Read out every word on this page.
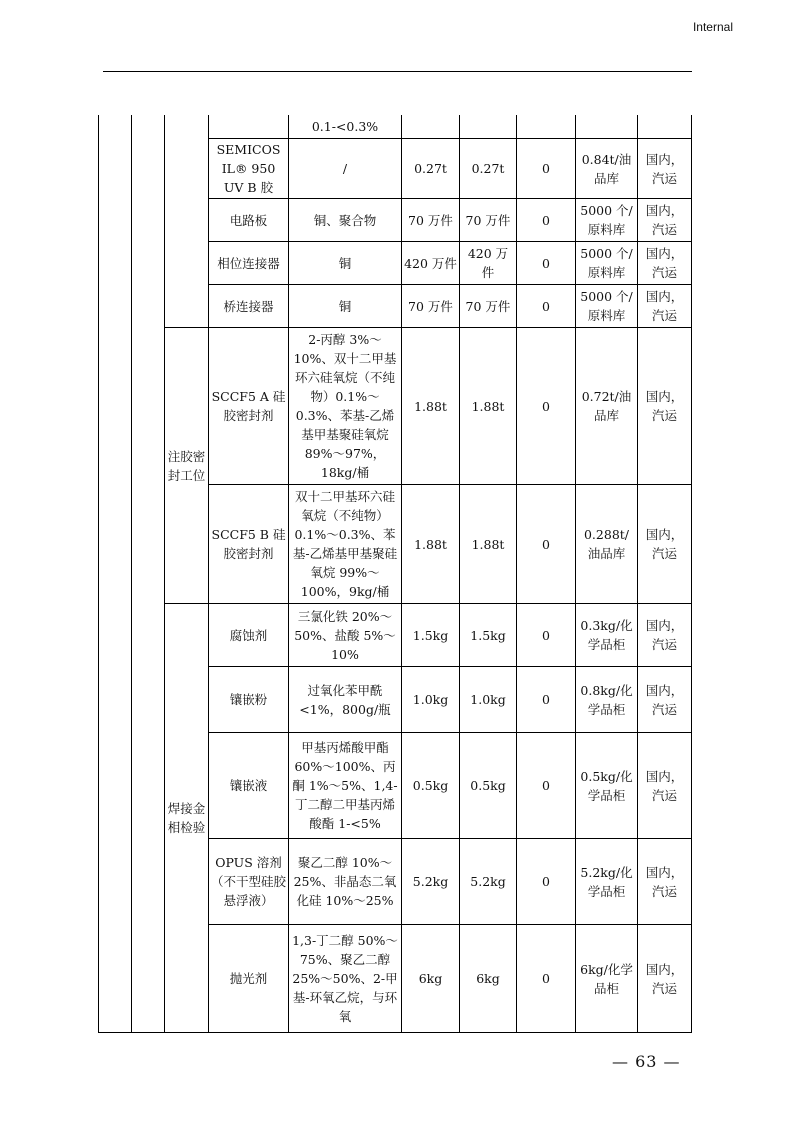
Internal
				0.1-<0.3%					
			SEMICOS IL® 950 UV B 胶	/	0.27t	0.27t	0	0.84t/油品库	国内，汽运
			电路板	铜、聚合物	70 万件	70 万件	0	5000 个/原料库	国内，汽运
			相位连接器	铜	420 万件	420 万件	0	5000 个/原料库	国内，汽运
			桥连接器	铜	70 万件	70 万件	0	5000 个/原料库	国内，汽运
		注胶密封工位	SCCF5 A 硅胶密封剂	2-丙醇 3%～10%、双十二甲基环六硅氧烷（不纯物）0.1%～0.3%、苯基-乙烯基甲基聚硅氧烷 89%～97%，18kg/桶	1.88t	1.88t	0	0.72t/油品库	国内，汽运
			SCCF5 B 硅胶密封剂	双十二甲基环六硅氧烷（不纯物）0.1%～0.3%、苯基-乙烯基甲基聚硅氧烷 99%～100%，9kg/桶	1.88t	1.88t	0	0.288t/油品库	国内，汽运
		焊接金相检验	腐蚀剂	三氯化铁 20%～50%、盐酸 5%～10%	1.5kg	1.5kg	0	0.3kg/化学品柜	国内，汽运
			镶嵌粉	过氧化苯甲酰<1%，800g/瓶	1.0kg	1.0kg	0	0.8kg/化学品柜	国内，汽运
			镶嵌液	甲基丙烯酸甲酯 60%～100%、丙酮 1%～5%、1,4-丁二醇二甲基丙烯酸酯 1-<5%	0.5kg	0.5kg	0	0.5kg/化学品柜	国内，汽运
			OPUS 溶剂（不干型硅胶悬浮液）	聚乙二醇 10%～25%、非晶态二氧化硅 10%～25%	5.2kg	5.2kg	0	5.2kg/化学品柜	国内，汽运
			抛光剂	1,3-丁二醇 50%～75%、聚乙二醇 25%～50%、2-甲基-环氧乙烷，与环氧	6kg	6kg	0	6kg/化学品柜	国内，汽运
— 63 —
